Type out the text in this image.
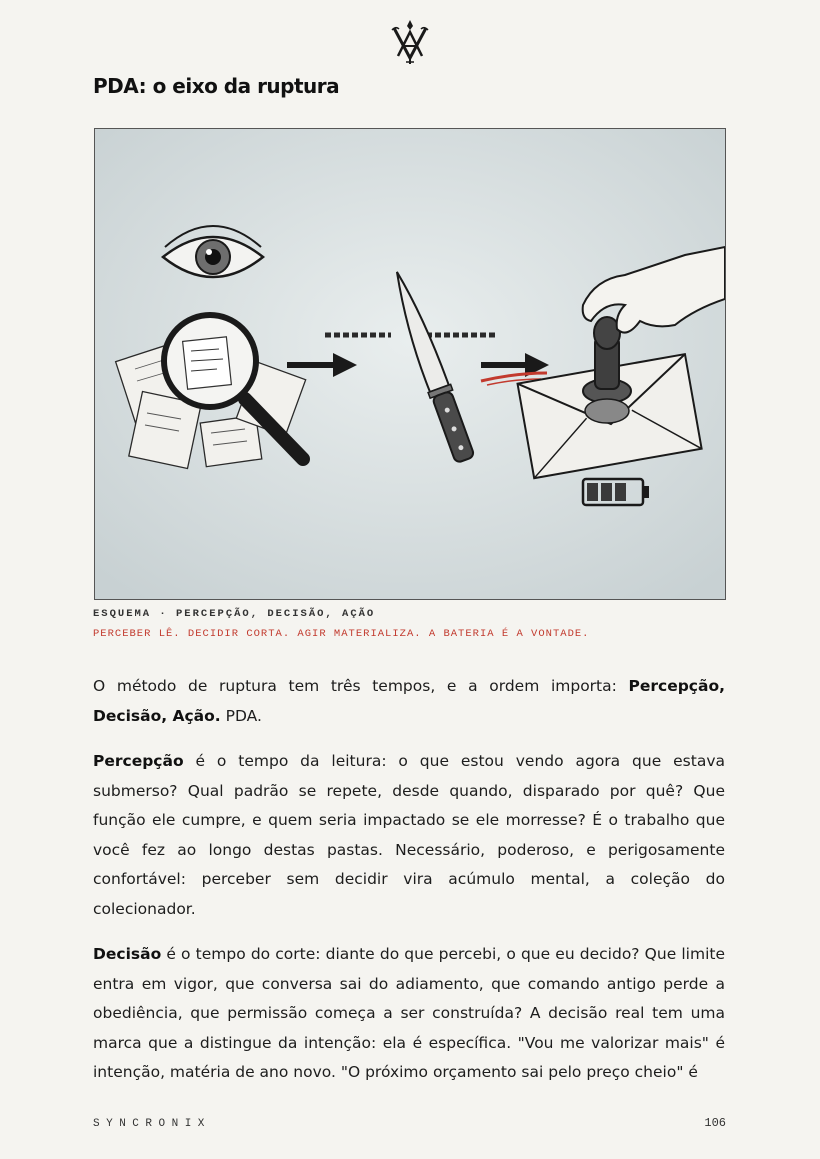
PDA: o eixo da ruptura
ESQUEMA · PERCEPÇÃO, DECISÃO, AÇÃO
PERCEBER LÊ. DECIDIR CORTA. AGIR MATERIALIZA. A BATERIA É A VONTADE.

O método de ruptura tem três tempos, e a ordem importa: Percepção, Decisão, Ação. PDA.

Percepção é o tempo da leitura: o que estou vendo agora que estava submerso? Qual padrão se repete, desde quando, disparado por quê? Que função ele cumpre, e quem seria impactado se ele morresse? É o trabalho que você fez ao longo destas pastas. Necessário, poderoso, e perigosamente confortável: perceber sem decidir vira acúmulo mental, a coleção do colecionador.

Decisão é o tempo do corte: diante do que percebi, o que eu decido? Que limite entra em vigor, que conversa sai do adiamento, que comando antigo perde a obediência, que permissão começa a ser construída? A decisão real tem uma marca que a distingue da intenção: ela é específica. "Vou me valorizar mais" é intenção, matéria de ano novo. "O próximo orçamento sai pelo preço cheio" é

SYNCRONIX	106
